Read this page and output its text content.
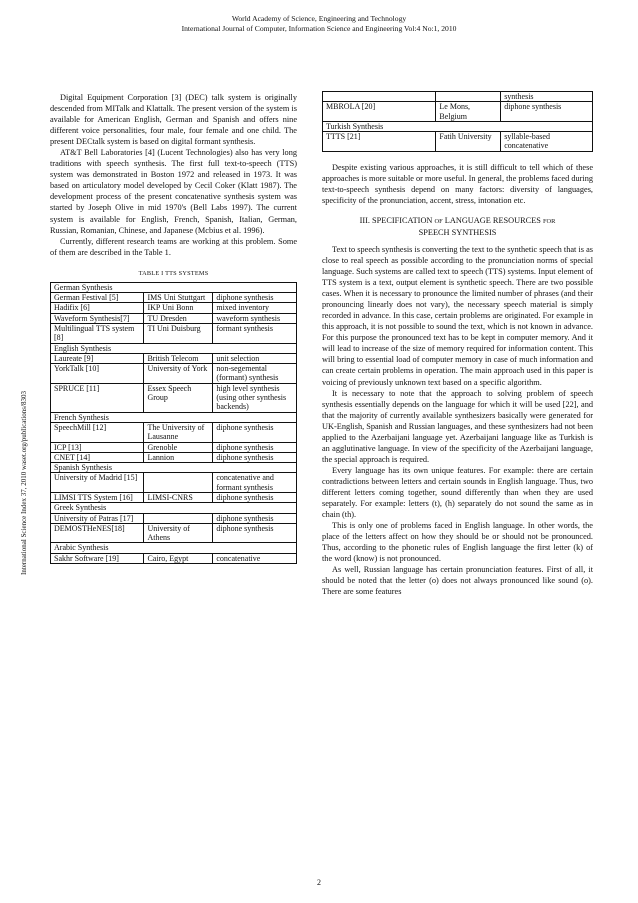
World Academy of Science, Engineering and Technology
International Journal of Computer, Information Science and Engineering Vol:4 No:1, 2010
International Science Index 37, 2010 waset.org/publications/8303

Digital Equipment Corporation [3] (DEC) talk system is originally descended from MITalk and Klattalk. The present version of the system is available for American English, German and Spanish and offers nine different voice personalities, four male, four female and one child. The present DECtalk system is based on digital formant synthesis.

AT&T Bell Laboratories [4] (Lucent Technologies) also has very long traditions with speech synthesis. The first full text-to-speech (TTS) system was demonstrated in Boston 1972 and released in 1973. It was based on articulatory model developed by Cecil Coker (Klatt 1987). The development process of the present concatenative synthesis system was started by Joseph Olive in mid 1970's (Bell Labs 1997). The current system is available for English, French, Spanish, Italian, German, Russian, Romanian, Chinese, and Japanese (Mcbius et al. 1996).

Currently, different research teams are working at this problem. Some of them are described in the Table 1.

TABLE I TTS SYSTEMS
German Synthesis		
German Festival [5]	IMS Uni Stuttgart	diphone synthesis
Hadifix [6]	IKP Uni Bonn	mixed inventory
Waveform Synthesis[7]	TU Dresden	waveform synthesis
Multilingual TTS system [8]	TI Uni Duisburg	formant synthesis
English Synthesis		
Laureate [9]	British Telecom	unit selection
YorkTalk [10]	University of York	non-segemental (formant) synthesis
SPRUCE [11]	Essex Speech Group	high level synthesis (using other synthesis backends)
French Synthesis		
SpeechMill [12]	The University of Lausanne	diphone synthesis
ICP [13]	Grenoble	diphone synthesis
CNET [14]	Lannion	diphone synthesis
Spanish Synthesis		
University of Madrid [15]		concatenative and formant synthesis
LIMSI TTS System [16]	LIMSI-CNRS	diphone synthesis
Greek Synthesis		
University of Patras [17]		diphone synthesis
DEMOSTHeNES[18]	University of Athens	diphone synthesis
Arabic Synthesis		
Sakhr Software [19]	Cairo, Egypt	concatenative
		synthesis
MBROLA [20]	Le Mons, Belgium	diphone synthesis
Turkish Synthesis		
TTTS [21]	Fatih University	syllable-based concatenative

Despite existing various approaches, it is still difficult to tell which of these approaches is more suitable or more useful. In general, the problems faced during text-to-speech synthesis depend on many factors: diversity of languages, specificity of the pronunciation, accent, stress, intonation etc.

III. SPECIFICATION OF LANGUAGE RESOURCES FOR
SPEECH SYNTHESIS

Text to speech synthesis is converting the text to the synthetic speech that is as close to real speech as possible according to the pronunciation norms of special language. Such systems are called text to speech (TTS) systems. Input element of TTS system is a text, output element is synthetic speech. There are two possible cases. When it is necessary to pronounce the limited number of phrases (and their pronouncing linearly does not vary), the necessary speech material is simply recorded in advance. In this case, certain problems are originated. For example in this approach, it is not possible to sound the text, which is not known in advance. For this purpose the pronounced text has to be kept in computer memory. And it will lead to increase of the size of memory required for information content. This will bring to essential load of computer memory in case of much information and can create certain problems in operation. The main approach used in this paper is voicing of previously unknown text based on a specific algorithm.

It is necessary to note that the approach to solving problem of speech synthesis essentially depends on the language for which it will be used [22], and that the majority of currently available synthesizers basically were generated for UK-English, Spanish and Russian languages, and these synthesizers had not been applied to the Azerbaijani language yet. Azerbaijani language like as Turkish is an agglutinative language. In view of the specificity of the Azerbaijani language, the special approach is required.

Every language has its own unique features. For example: there are certain contradictions between letters and certain sounds in English language. Thus, two different letters coming together, sound differently than when they are used separately. For example: letters (t), (h) separately do not sound the same as in chain (th).

This is only one of problems faced in English language. In other words, the place of the letters affect on how they should be or should not be pronounced. Thus, according to the phonetic rules of English language the first letter (k) of the word (know) is not pronounced.

As well, Russian language has certain pronunciation features. First of all, it should be noted that the letter (o) does not always pronounced like sound (o). There are some features

2
